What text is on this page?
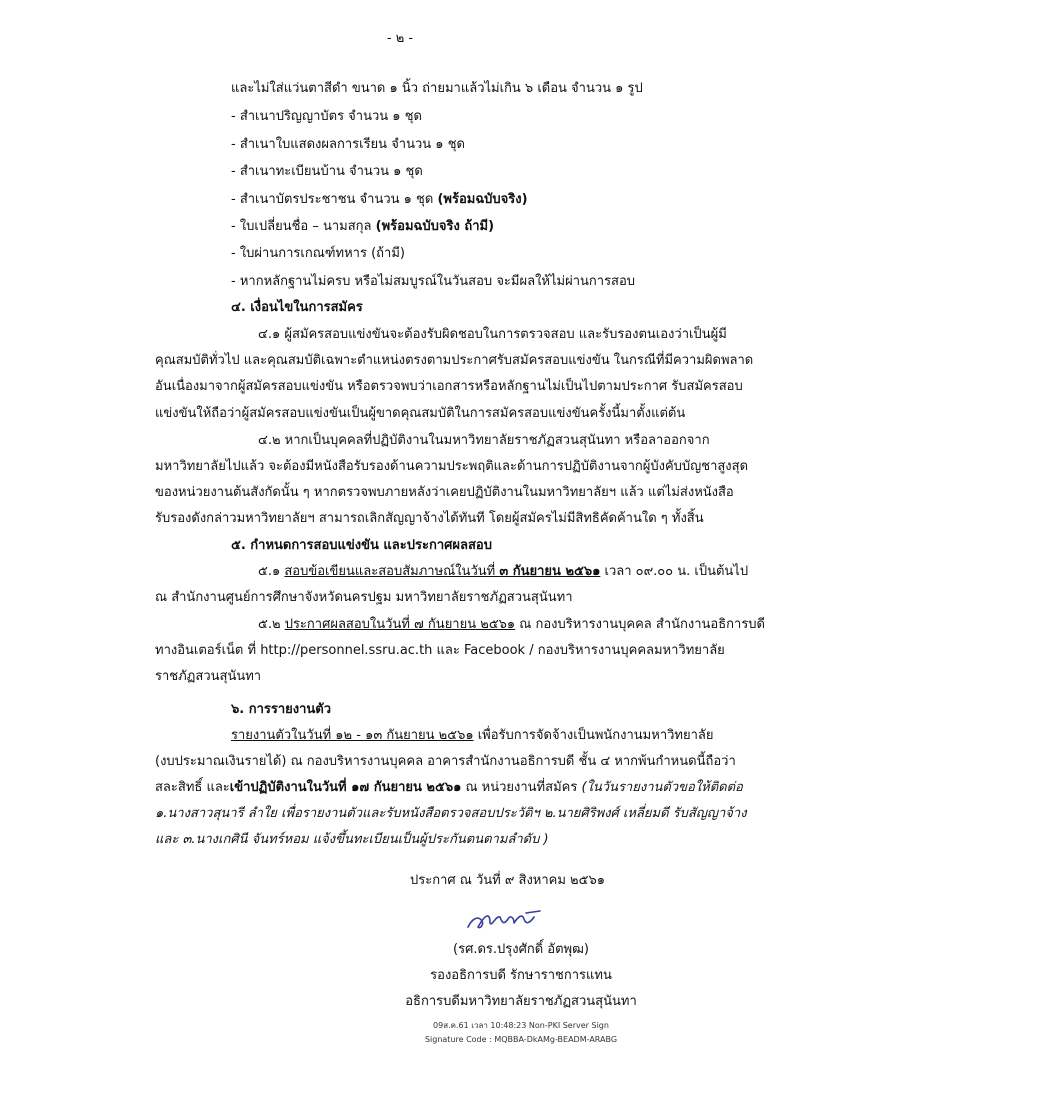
- ๒ -
และไม่ใส่แว่นตาสีดำ ขนาด ๑ นิ้ว ถ่ายมาแล้วไม่เกิน ๖ เดือน จำนวน ๑ รูป
- สำเนาปริญญาบัตร จำนวน ๑ ชุด
- สำเนาใบแสดงผลการเรียน จำนวน ๑ ชุด
- สำเนาทะเบียนบ้าน จำนวน ๑ ชุด
- สำเนาบัตรประชาชน จำนวน ๑ ชุด (พร้อมฉบับจริง)
- ใบเปลี่ยนชื่อ – นามสกุล (พร้อมฉบับจริง ถ้ามี)
- ใบผ่านการเกณฑ์ทหาร (ถ้ามี)
- หากหลักฐานไม่ครบ หรือไม่สมบูรณ์ในวันสอบ จะมีผลให้ไม่ผ่านการสอบ
๔. เงื่อนไขในการสมัคร
๔.๑ ผู้สมัครสอบแข่งขันจะต้องรับผิดชอบในการตรวจสอบ และรับรองตนเองว่าเป็นผู้มี
คุณสมบัติทั่วไป และคุณสมบัติเฉพาะตำแหน่งตรงตามประกาศรับสมัครสอบแข่งขัน ในกรณีที่มีความผิดพลาด
อันเนื่องมาจากผู้สมัครสอบแข่งขัน หรือตรวจพบว่าเอกสารหรือหลักฐานไม่เป็นไปตามประกาศ รับสมัครสอบ
แข่งขันให้ถือว่าผู้สมัครสอบแข่งขันเป็นผู้ขาดคุณสมบัติในการสมัครสอบแข่งขันครั้งนี้มาตั้งแต่ต้น
๔.๒ หากเป็นบุคคลที่ปฏิบัติงานในมหาวิทยาลัยราชภัฏสวนสุนันทา หรือลาออกจาก
มหาวิทยาลัยไปแล้ว จะต้องมีหนังสือรับรองด้านความประพฤติและด้านการปฏิบัติงานจากผู้บังคับบัญชาสูงสุด
ของหน่วยงานต้นสังกัดนั้น ๆ หากตรวจพบภายหลังว่าเคยปฏิบัติงานในมหาวิทยาลัยฯ แล้ว แต่ไม่ส่งหนังสือ
รับรองดังกล่าวมหาวิทยาลัยฯ สามารถเลิกสัญญาจ้างได้ทันที โดยผู้สมัครไม่มีสิทธิคัดค้านใด ๆ ทั้งสิ้น
๕. กำหนดการสอบแข่งขัน และประกาศผลสอบ
๕.๑ สอบข้อเขียนและสอบสัมภาษณ์ในวันที่ ๓ กันยายน ๒๕๖๑ เวลา ๐๙.๐๐ น. เป็นต้นไป
ณ สำนักงานศูนย์การศึกษาจังหวัดนครปฐม มหาวิทยาลัยราชภัฏสวนสุนันทา
๕.๒ ประกาศผลสอบในวันที่ ๗ กันยายน ๒๕๖๑ ณ กองบริหารงานบุคคล สำนักงานอธิการบดี
ทางอินเตอร์เน็ต ที่ http://personnel.ssru.ac.th และ Facebook / กองบริหารงานบุคคลมหาวิทยาลัย
ราชภัฏสวนสุนันทา
๖. การรายงานตัว
รายงานตัวในวันที่ ๑๒ - ๑๓ กันยายน ๒๕๖๑ เพื่อรับการจัดจ้างเป็นพนักงานมหาวิทยาลัย
(งบประมาณเงินรายได้) ณ กองบริหารงานบุคคล อาคารสำนักงานอธิการบดี ชั้น ๔ หากพ้นกำหนดนี้ถือว่า
สละสิทธิ์ และเข้าปฏิบัติงานในวันที่ ๑๗ กันยายน ๒๕๖๑ ณ หน่วยงานที่สมัคร (ในวันรายงานตัวขอให้ติดต่อ
๑.นางสาวสุนารี ลำใย เพื่อรายงานตัวและรับหนังสือตรวจสอบประวัติฯ ๒.นายศิริพงศ์ เหลี่ยมดี รับสัญญาจ้าง
และ ๓.นางเกศินี จันทร์หอม แจ้งขึ้นทะเบียนเป็นผู้ประกันตนตามลำดับ )
ประกาศ ณ วันที่ ๙ สิงหาคม ๒๕๖๑
(รศ.ดร.ปรุงศักดิ์ อัตพุฒ)
รองอธิการบดี รักษาราชการแทน
อธิการบดีมหาวิทยาลัยราชภัฏสวนสุนันทา
09ส.ค.61 เวลา 10:48:23 Non-PKI Server Sign
Signature Code : MQBBA-DkAMg-BEADM-ARABG
